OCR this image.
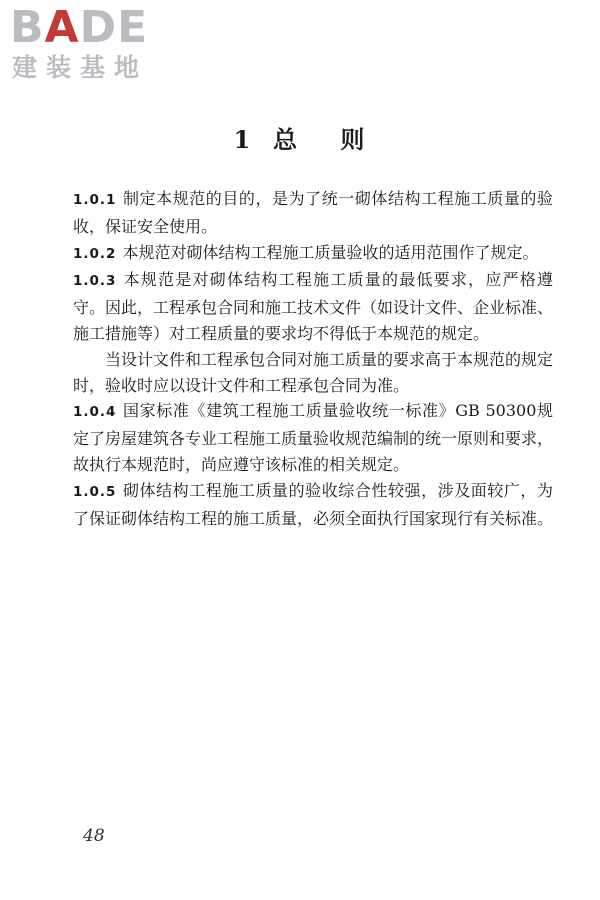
BADE
建装基地
1  总    则

1.0.1 制定本规范的目的，是为了统一砌体结构工程施工质量的验收，保证安全使用。

1.0.2 本规范对砌体结构工程施工质量验收的适用范围作了规定。

1.0.3 本规范是对砌体结构工程施工质量的最低要求，应严格遵守。因此，工程承包合同和施工技术文件（如设计文件、企业标准、施工措施等）对工程质量的要求均不得低于本规范的规定。

当设计文件和工程承包合同对施工质量的要求高于本规范的规定时，验收时应以设计文件和工程承包合同为准。

1.0.4 国家标准《建筑工程施工质量验收统一标准》GB 50300规定了房屋建筑各专业工程施工质量验收规范编制的统一原则和要求，故执行本规范时，尚应遵守该标准的相关规定。

1.0.5 砌体结构工程施工质量的验收综合性较强，涉及面较广，为了保证砌体结构工程的施工质量，必须全面执行国家现行有关标准。

48
